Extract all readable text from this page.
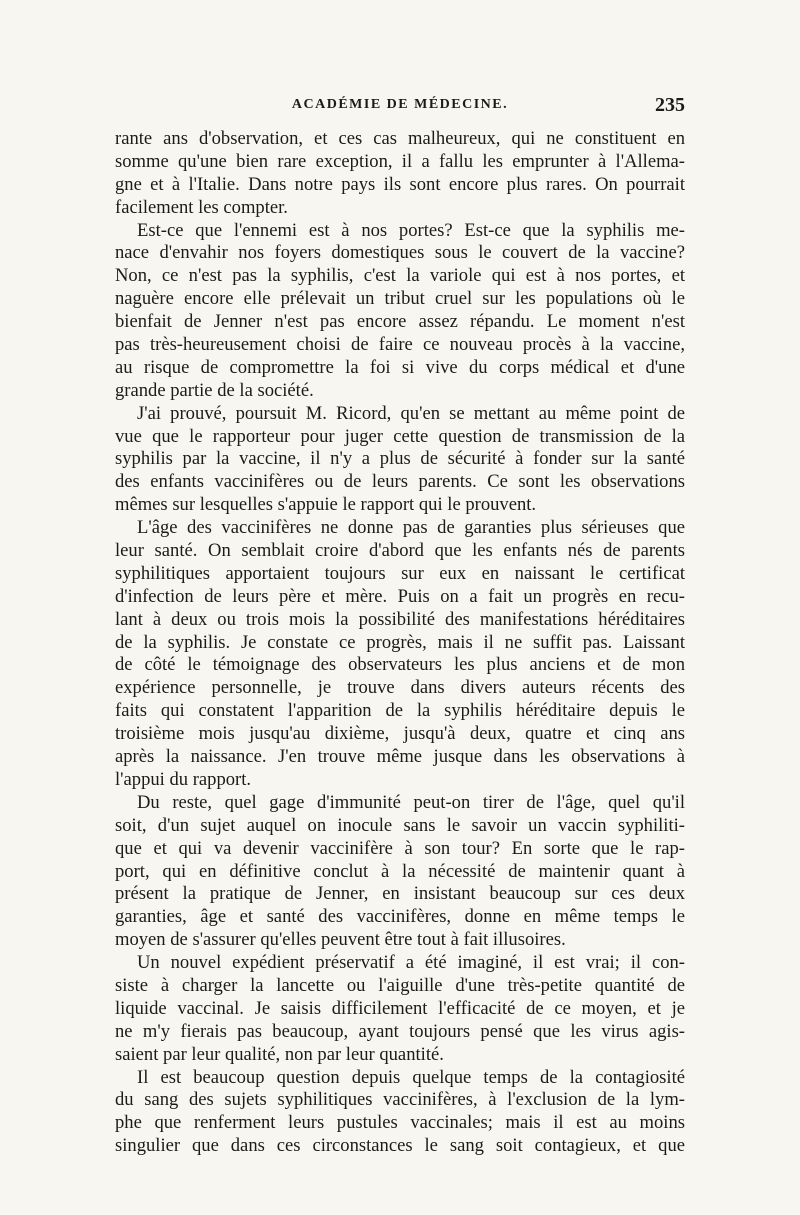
ACADÉMIE DE MÉDECINE.	235
rante ans d'observation, et ces cas malheureux, qui ne constituent en
somme qu'une bien rare exception, il a fallu les emprunter à l'Allema-
gne et à l'Italie. Dans notre pays ils sont encore plus rares. On pourrait
facilement les compter.
Est-ce que l'ennemi est à nos portes? Est-ce que la syphilis me-
nace d'envahir nos foyers domestiques sous le couvert de la vaccine?
Non, ce n'est pas la syphilis, c'est la variole qui est à nos portes, et
naguère encore elle prélevait un tribut cruel sur les populations où le
bienfait de Jenner n'est pas encore assez répandu. Le moment n'est
pas très-heureusement choisi de faire ce nouveau procès à la vaccine,
au risque de compromettre la foi si vive du corps médical et d'une
grande partie de la société.
J'ai prouvé, poursuit M. Ricord, qu'en se mettant au même point de
vue que le rapporteur pour juger cette question de transmission de la
syphilis par la vaccine, il n'y a plus de sécurité à fonder sur la santé
des enfants vaccinifères ou de leurs parents. Ce sont les observations
mêmes sur lesquelles s'appuie le rapport qui le prouvent.
L'âge des vaccinifères ne donne pas de garanties plus sérieuses que
leur santé. On semblait croire d'abord que les enfants nés de parents
syphilitiques apportaient toujours sur eux en naissant le certificat
d'infection de leurs père et mère. Puis on a fait un progrès en recu-
lant à deux ou trois mois la possibilité des manifestations héréditaires
de la syphilis. Je constate ce progrès, mais il ne suffit pas. Laissant
de côté le témoignage des observateurs les plus anciens et de mon
expérience personnelle, je trouve dans divers auteurs récents des
faits qui constatent l'apparition de la syphilis héréditaire depuis le
troisième mois jusqu'au dixième, jusqu'à deux, quatre et cinq ans
après la naissance. J'en trouve même jusque dans les observations à
l'appui du rapport.
Du reste, quel gage d'immunité peut-on tirer de l'âge, quel qu'il
soit, d'un sujet auquel on inocule sans le savoir un vaccin syphiliti-
que et qui va devenir vaccinifère à son tour? En sorte que le rap-
port, qui en définitive conclut à la nécessité de maintenir quant à
présent la pratique de Jenner, en insistant beaucoup sur ces deux
garanties, âge et santé des vaccinifères, donne en même temps le
moyen de s'assurer qu'elles peuvent être tout à fait illusoires.
Un nouvel expédient préservatif a été imaginé, il est vrai; il con-
siste à charger la lancette ou l'aiguille d'une très-petite quantité de
liquide vaccinal. Je saisis difficilement l'efficacité de ce moyen, et je
ne m'y fierais pas beaucoup, ayant toujours pensé que les virus agis-
saient par leur qualité, non par leur quantité.
Il est beaucoup question depuis quelque temps de la contagiosité
du sang des sujets syphilitiques vaccinifères, à l'exclusion de la lym-
phe que renferment leurs pustules vaccinales; mais il est au moins
singulier que dans ces circonstances le sang soit contagieux, et que
